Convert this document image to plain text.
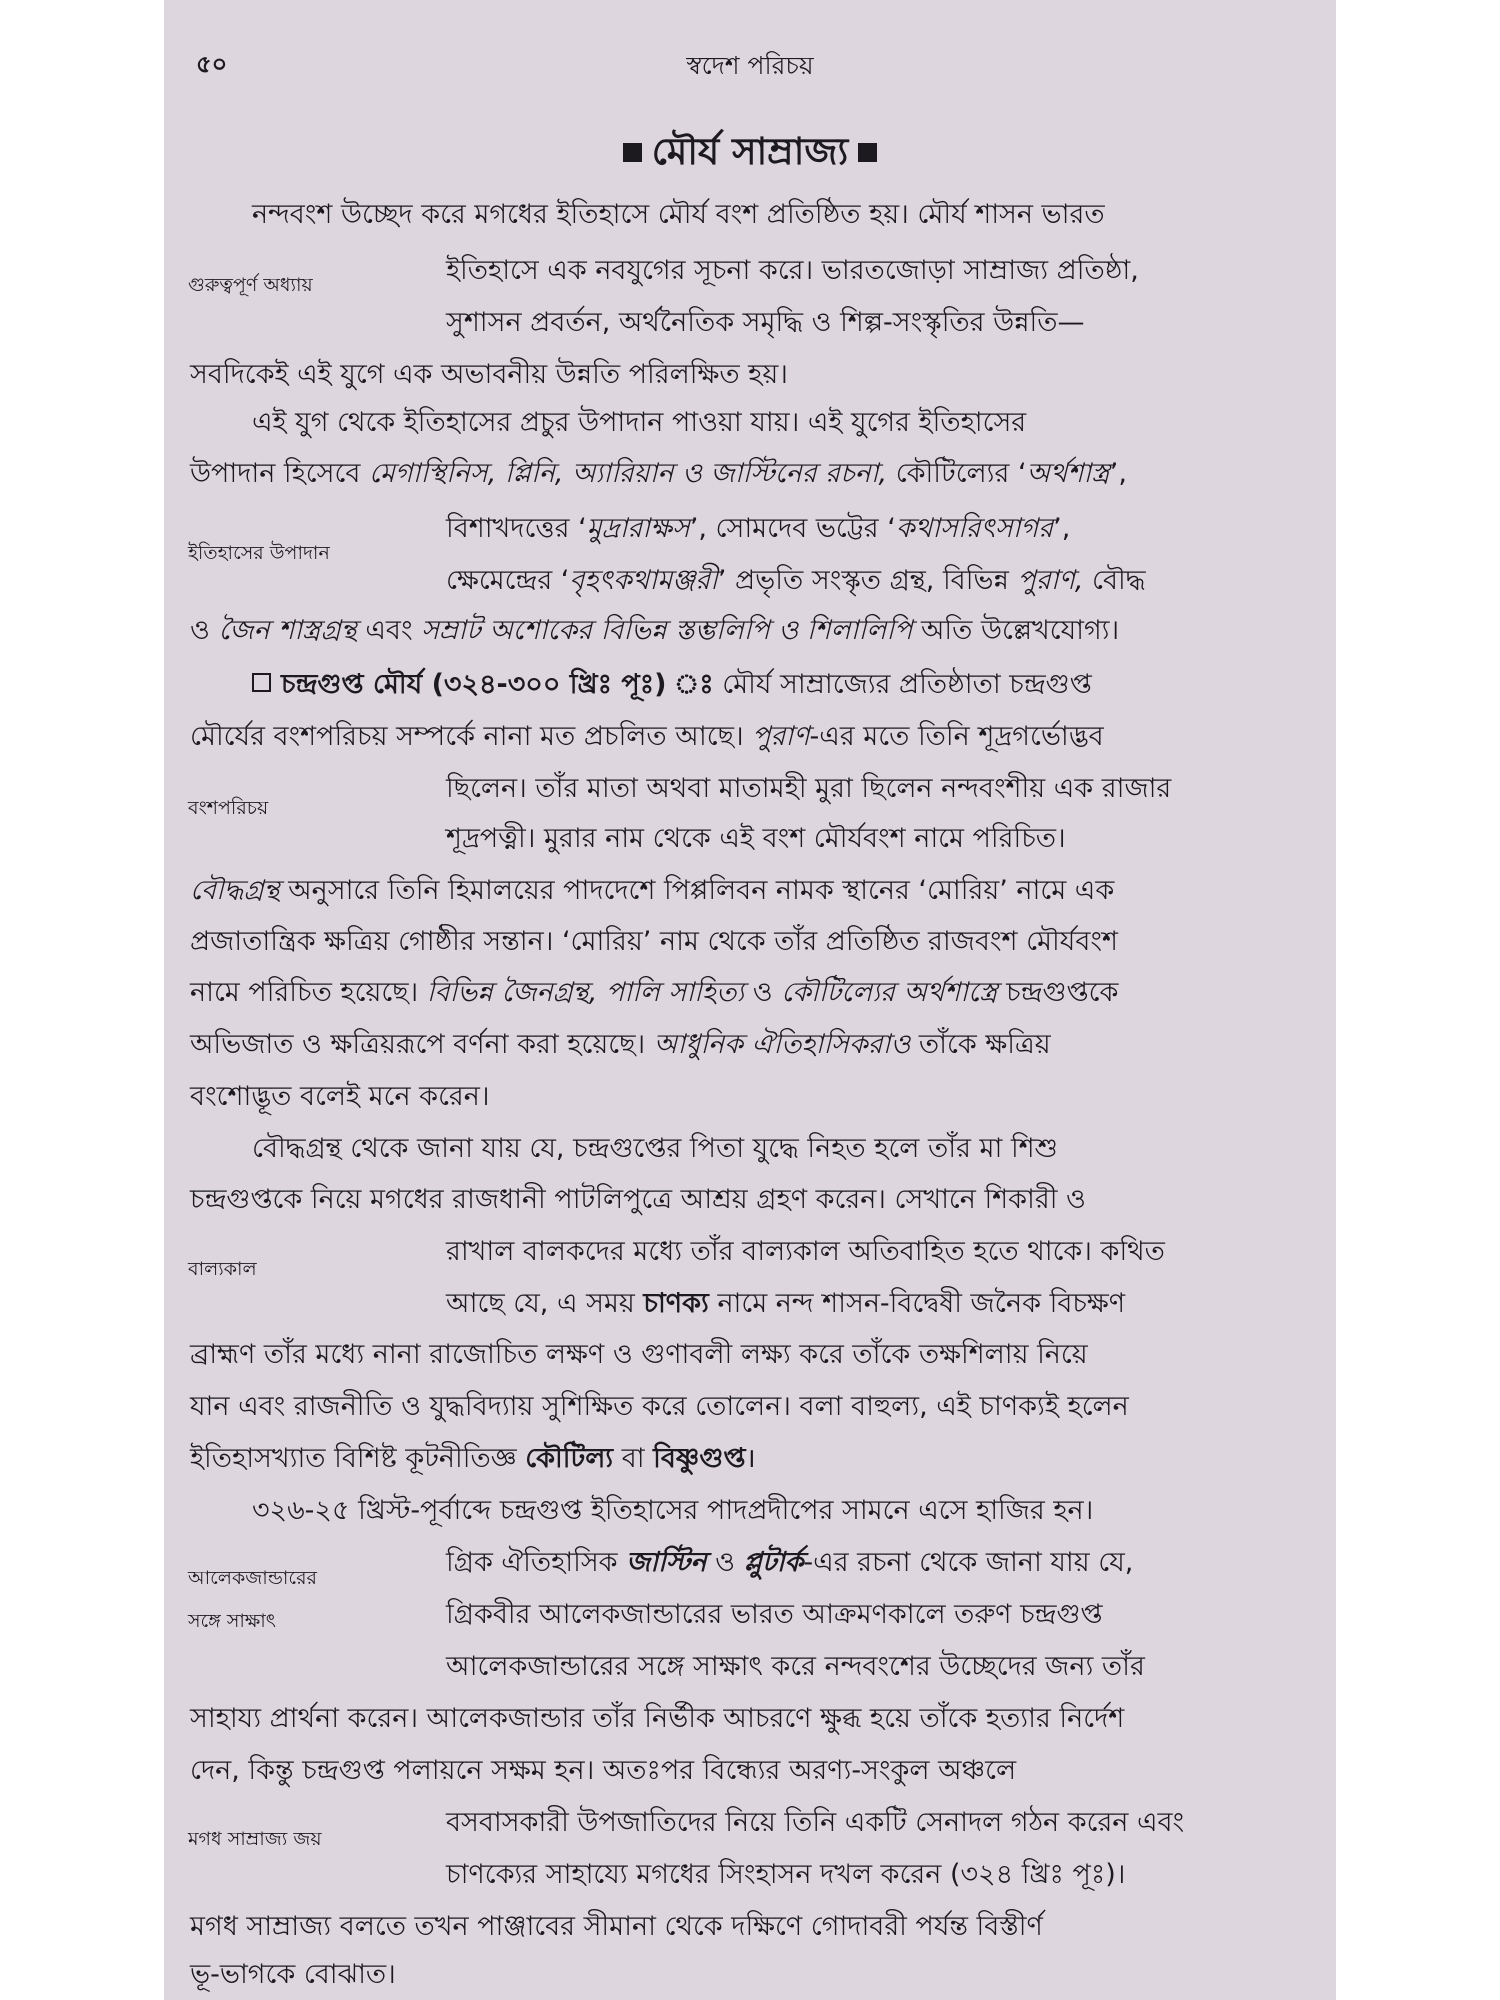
৫০	স্বদেশ পরিচয়
মৌর্য সাম্রাজ্য
গুরুত্বপূর্ণ অধ্যায়
ইতিহাসের উপাদান
বংশপরিচয়
বাল্যকাল
আলেকজান্ডারের
সঙ্গে সাক্ষাৎ
মগধ সাম্রাজ্য জয়
নন্দবংশ উচ্ছেদ করে মগধের ইতিহাসে মৌর্য বংশ প্রতিষ্ঠিত হয়। মৌর্য শাসন ভারত
ইতিহাসে এক নবযুগের সূচনা করে। ভারতজোড়া সাম্রাজ্য প্রতিষ্ঠা,
সুশাসন প্রবর্তন, অর্থনৈতিক সমৃদ্ধি ও শিল্প-সংস্কৃতির উন্নতি—
সবদিকেই এই যুগে এক অভাবনীয় উন্নতি পরিলক্ষিত হয়।
এই যুগ থেকে ইতিহাসের প্রচুর উপাদান পাওয়া যায়। এই যুগের ইতিহাসের
উপাদান হিসেবে মেগাস্থিনিস, প্লিনি, অ্যারিয়ান ও জাস্টিনের রচনা, কৌটিল্যের ‘অর্থশাস্ত্র’,
বিশাখদত্তের ‘মুদ্রারাক্ষস’, সোমদেব ভট্টের ‘কথাসরিৎসাগর’,
ক্ষেমেন্দ্রের ‘বৃহৎকথামঞ্জরী’ প্রভৃতি সংস্কৃত গ্রন্থ, বিভিন্ন পুরাণ, বৌদ্ধ
ও জৈন শাস্ত্রগ্রন্থ এবং সম্রাট অশোকের বিভিন্ন স্তম্ভলিপি ও শিলালিপি অতি উল্লেখযোগ্য।
চন্দ্রগুপ্ত মৌর্য (৩২৪-৩০০ খ্রিঃ পূঃ) ঃ মৌর্য সাম্রাজ্যের প্রতিষ্ঠাতা চন্দ্রগুপ্ত
মৌর্যের বংশপরিচয় সম্পর্কে নানা মত প্রচলিত আছে। পুরাণ-এর মতে তিনি শূদ্রগর্ভোদ্ভব
ছিলেন। তাঁর মাতা অথবা মাতামহী মুরা ছিলেন নন্দবংশীয় এক রাজার
শূদ্রপত্নী। মুরার নাম থেকে এই বংশ মৌর্যবংশ নামে পরিচিত।
বৌদ্ধগ্রন্থ অনুসারে তিনি হিমালয়ের পাদদেশে পিপ্পলিবন নামক স্থানের ‘মোরিয়’ নামে এক
প্রজাতান্ত্রিক ক্ষত্রিয় গোষ্ঠীর সন্তান। ‘মোরিয়’ নাম থেকে তাঁর প্রতিষ্ঠিত রাজবংশ মৌর্যবংশ
নামে পরিচিত হয়েছে। বিভিন্ন জৈনগ্রন্থ, পালি সাহিত্য ও কৌটিল্যের অর্থশাস্ত্রে চন্দ্রগুপ্তকে
অভিজাত ও ক্ষত্রিয়রূপে বর্ণনা করা হয়েছে। আধুনিক ঐতিহাসিকরাও তাঁকে ক্ষত্রিয়
বংশোদ্ভূত বলেই মনে করেন।
বৌদ্ধগ্রন্থ থেকে জানা যায় যে, চন্দ্রগুপ্তের পিতা যুদ্ধে নিহত হলে তাঁর মা শিশু
চন্দ্রগুপ্তকে নিয়ে মগধের রাজধানী পাটলিপুত্রে আশ্রয় গ্রহণ করেন। সেখানে শিকারী ও
রাখাল বালকদের মধ্যে তাঁর বাল্যকাল অতিবাহিত হতে থাকে। কথিত
আছে যে, এ সময় চাণক্য নামে নন্দ শাসন-বিদ্বেষী জনৈক বিচক্ষণ
ব্রাহ্মণ তাঁর মধ্যে নানা রাজোচিত লক্ষণ ও গুণাবলী লক্ষ্য করে তাঁকে তক্ষশিলায় নিয়ে
যান এবং রাজনীতি ও যুদ্ধবিদ্যায় সুশিক্ষিত করে তোলেন। বলা বাহুল্য, এই চাণক্যই হলেন
ইতিহাসখ্যাত বিশিষ্ট কূটনীতিজ্ঞ কৌটিল্য বা বিষ্ণুগুপ্ত।
৩২৬-২৫ খ্রিস্ট-পূর্বাব্দে চন্দ্রগুপ্ত ইতিহাসের পাদপ্রদীপের সামনে এসে হাজির হন।
গ্রিক ঐতিহাসিক জাস্টিন ও প্লুটার্ক-এর রচনা থেকে জানা যায় যে,
গ্রিকবীর আলেকজান্ডারের ভারত আক্রমণকালে তরুণ চন্দ্রগুপ্ত
আলেকজান্ডারের সঙ্গে সাক্ষাৎ করে নন্দবংশের উচ্ছেদের জন্য তাঁর
সাহায্য প্রার্থনা করেন। আলেকজান্ডার তাঁর নির্ভীক আচরণে ক্ষুব্ধ হয়ে তাঁকে হত্যার নির্দেশ
দেন, কিন্তু চন্দ্রগুপ্ত পলায়নে সক্ষম হন। অতঃপর বিন্ধ্যের অরণ্য-সংকুল অঞ্চলে
বসবাসকারী উপজাতিদের নিয়ে তিনি একটি সেনাদল গঠন করেন এবং
চাণক্যের সাহায্যে মগধের সিংহাসন দখল করেন (৩২৪ খ্রিঃ পূঃ)।
মগধ সাম্রাজ্য বলতে তখন পাঞ্জাবের সীমানা থেকে দক্ষিণে গোদাবরী পর্যন্ত বিস্তীর্ণ
ভূ-ভাগকে বোঝাত।
